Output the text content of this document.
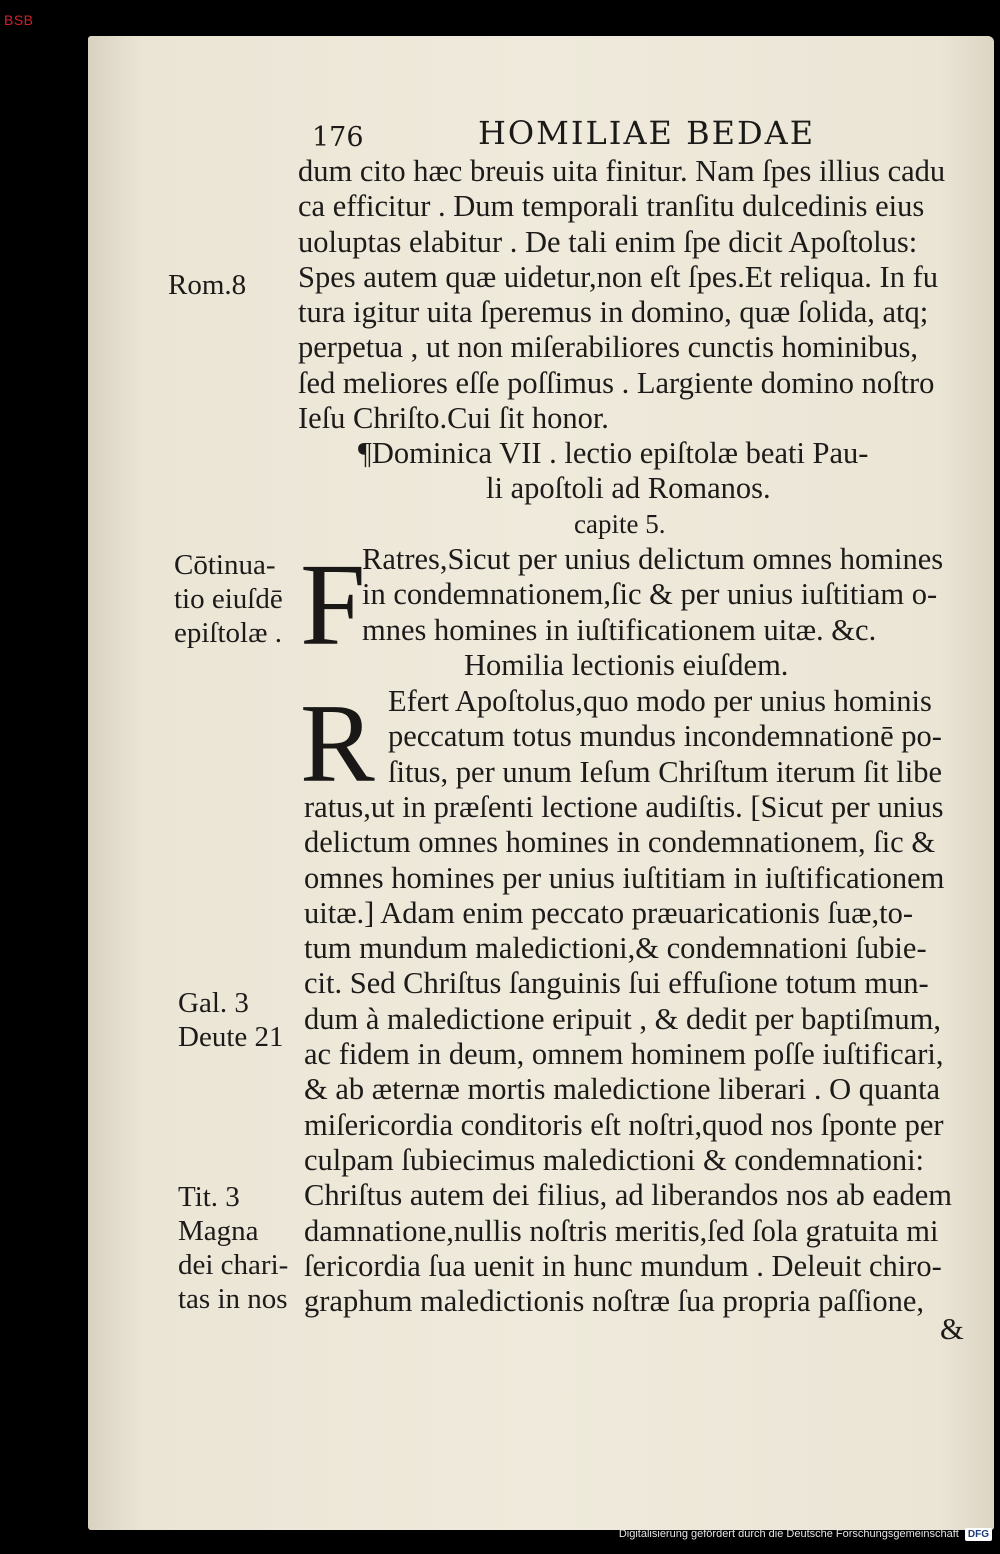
BSB
176	HOMILIAE BEDAE
dum cito hæc breuis uita finitur. Nam ſpes illius cadu
ca efficitur . Dum temporali tranſitu dulcedinis eius
uoluptas elabitur . De tali enim ſpe dicit Apoſtolus:
Spes autem quæ uidetur,non eſt ſpes.Et reliqua. In fu
tura igitur uita ſperemus in domino, quæ ſolida, atq;
perpetua , ut non miſerabiliores cunctis hominibus,
ſed meliores eſſe poſſimus . Largiente domino noſtro
Ieſu Chriſto.Cui ſit honor.
¶Dominica VII . lectio epiſtolæ beati Pau-
li apoſtoli ad Romanos.
capite 5.
F
Ratres,Sicut per unius delictum omnes homines
in condemnationem,ſic & per unius iuſtitiam o-
mnes homines in iuſtificationem uitæ. &c.
Homilia lectionis eiuſdem.
R Efert Apoſtolus,quo modo per unius hominis
peccatum totus mundus incondemnationē po-
ſitus, per unum Ieſum Chriſtum iterum ſit libe
ratus,ut in præſenti lectione audiſtis. [Sicut per unius
delictum omnes homines in condemnationem, ſic &
omnes homines per unius iuſtitiam in iuſtificationem
uitæ.] Adam enim peccato præuaricationis ſuæ,to-
tum mundum maledictioni,& condemnationi ſubie-
cit. Sed Chriſtus ſanguinis ſui effuſione totum mun-
dum à maledictione eripuit , & dedit per baptiſmum,
ac fidem in deum, omnem hominem poſſe iuſtificari,
& ab æternæ mortis maledictione liberari . O quanta
miſericordia conditoris eſt noſtri,quod nos ſponte per
culpam ſubiecimus maledictioni & condemnationi:
Chriſtus autem dei filius, ad liberandos nos ab eadem
damnatione,nullis noſtris meritis,ſed ſola gratuita mi
ſericordia ſua uenit in hunc mundum . Deleuit chiro-
graphum maledictionis noſtræ ſua propria paſſione,
&
Rom.8
Cōtinua-
tio eiuſdē
epiſtolæ .
Gal. 3
Deute 21
Tit. 3
Magna
dei chari-
tas in nos
Digitalisierung gefördert durch die Deutsche Forschungsgemeinschaft DFG
